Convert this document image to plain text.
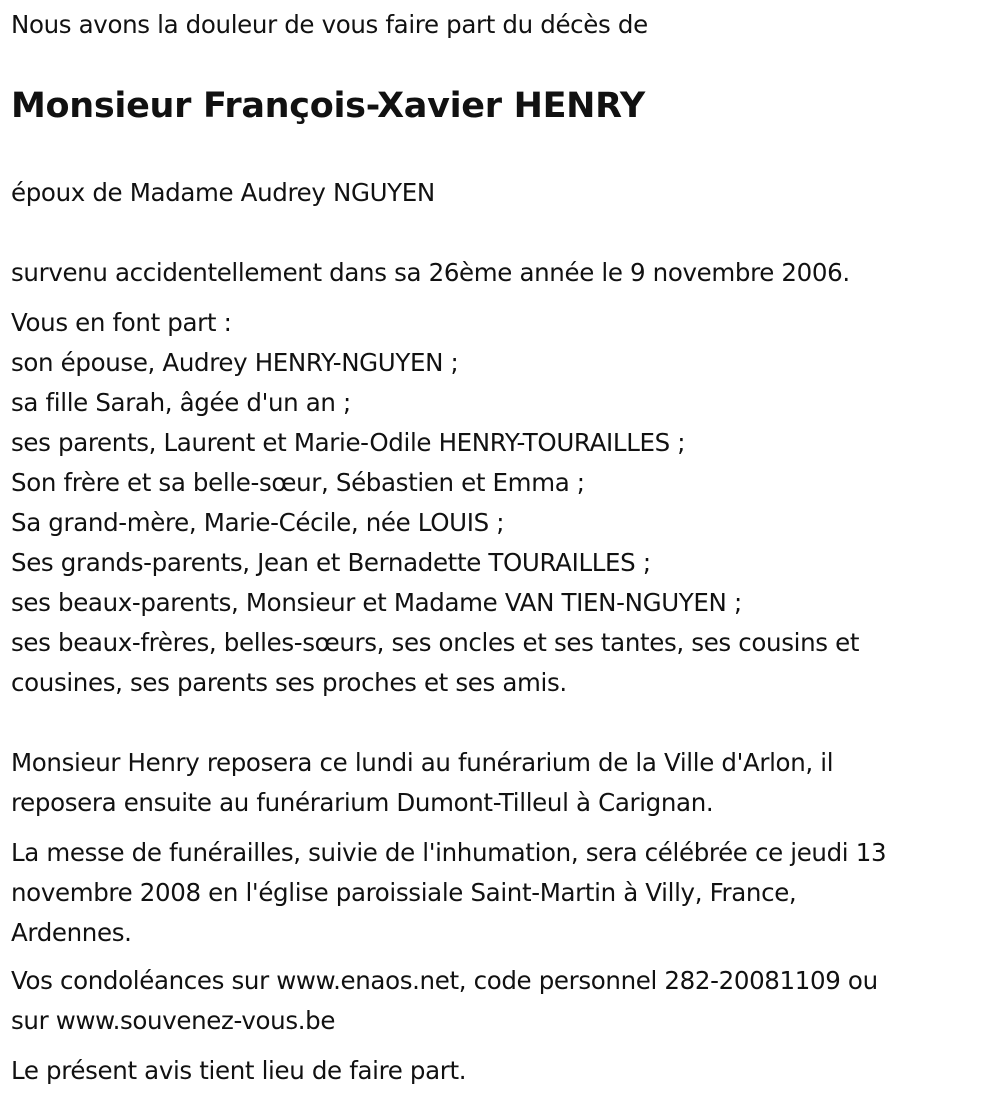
Nous avons la douleur de vous faire part du décès de

Monsieur François-Xavier HENRY

époux de Madame Audrey NGUYEN

survenu accidentellement dans sa 26ème année le 9 novembre 2006.

Vous en font part :

son épouse, Audrey HENRY-NGUYEN ;

sa fille Sarah, âgée d'un an ;

ses parents, Laurent et Marie-Odile HENRY-TOURAILLES ;

Son frère et sa belle-sœur, Sébastien et Emma ;

Sa grand-mère, Marie-Cécile, née LOUIS ;

Ses grands-parents, Jean et Bernadette TOURAILLES ;

ses beaux-parents, Monsieur et Madame VAN TIEN-NGUYEN ;

ses beaux-frères, belles-sœurs, ses oncles et ses tantes, ses cousins et

cousines, ses parents ses proches et ses amis.

Monsieur Henry reposera ce lundi au funérarium de la Ville d'Arlon, il

reposera ensuite au funérarium Dumont-Tilleul à Carignan.

La messe de funérailles, suivie de l'inhumation, sera célébrée ce jeudi 13

novembre 2008 en l'église paroissiale Saint-Martin à Villy, France,

Ardennes.

Vos condoléances sur www.enaos.net, code personnel 282-20081109 ou

sur www.souvenez-vous.be

Le présent avis tient lieu de faire part.
